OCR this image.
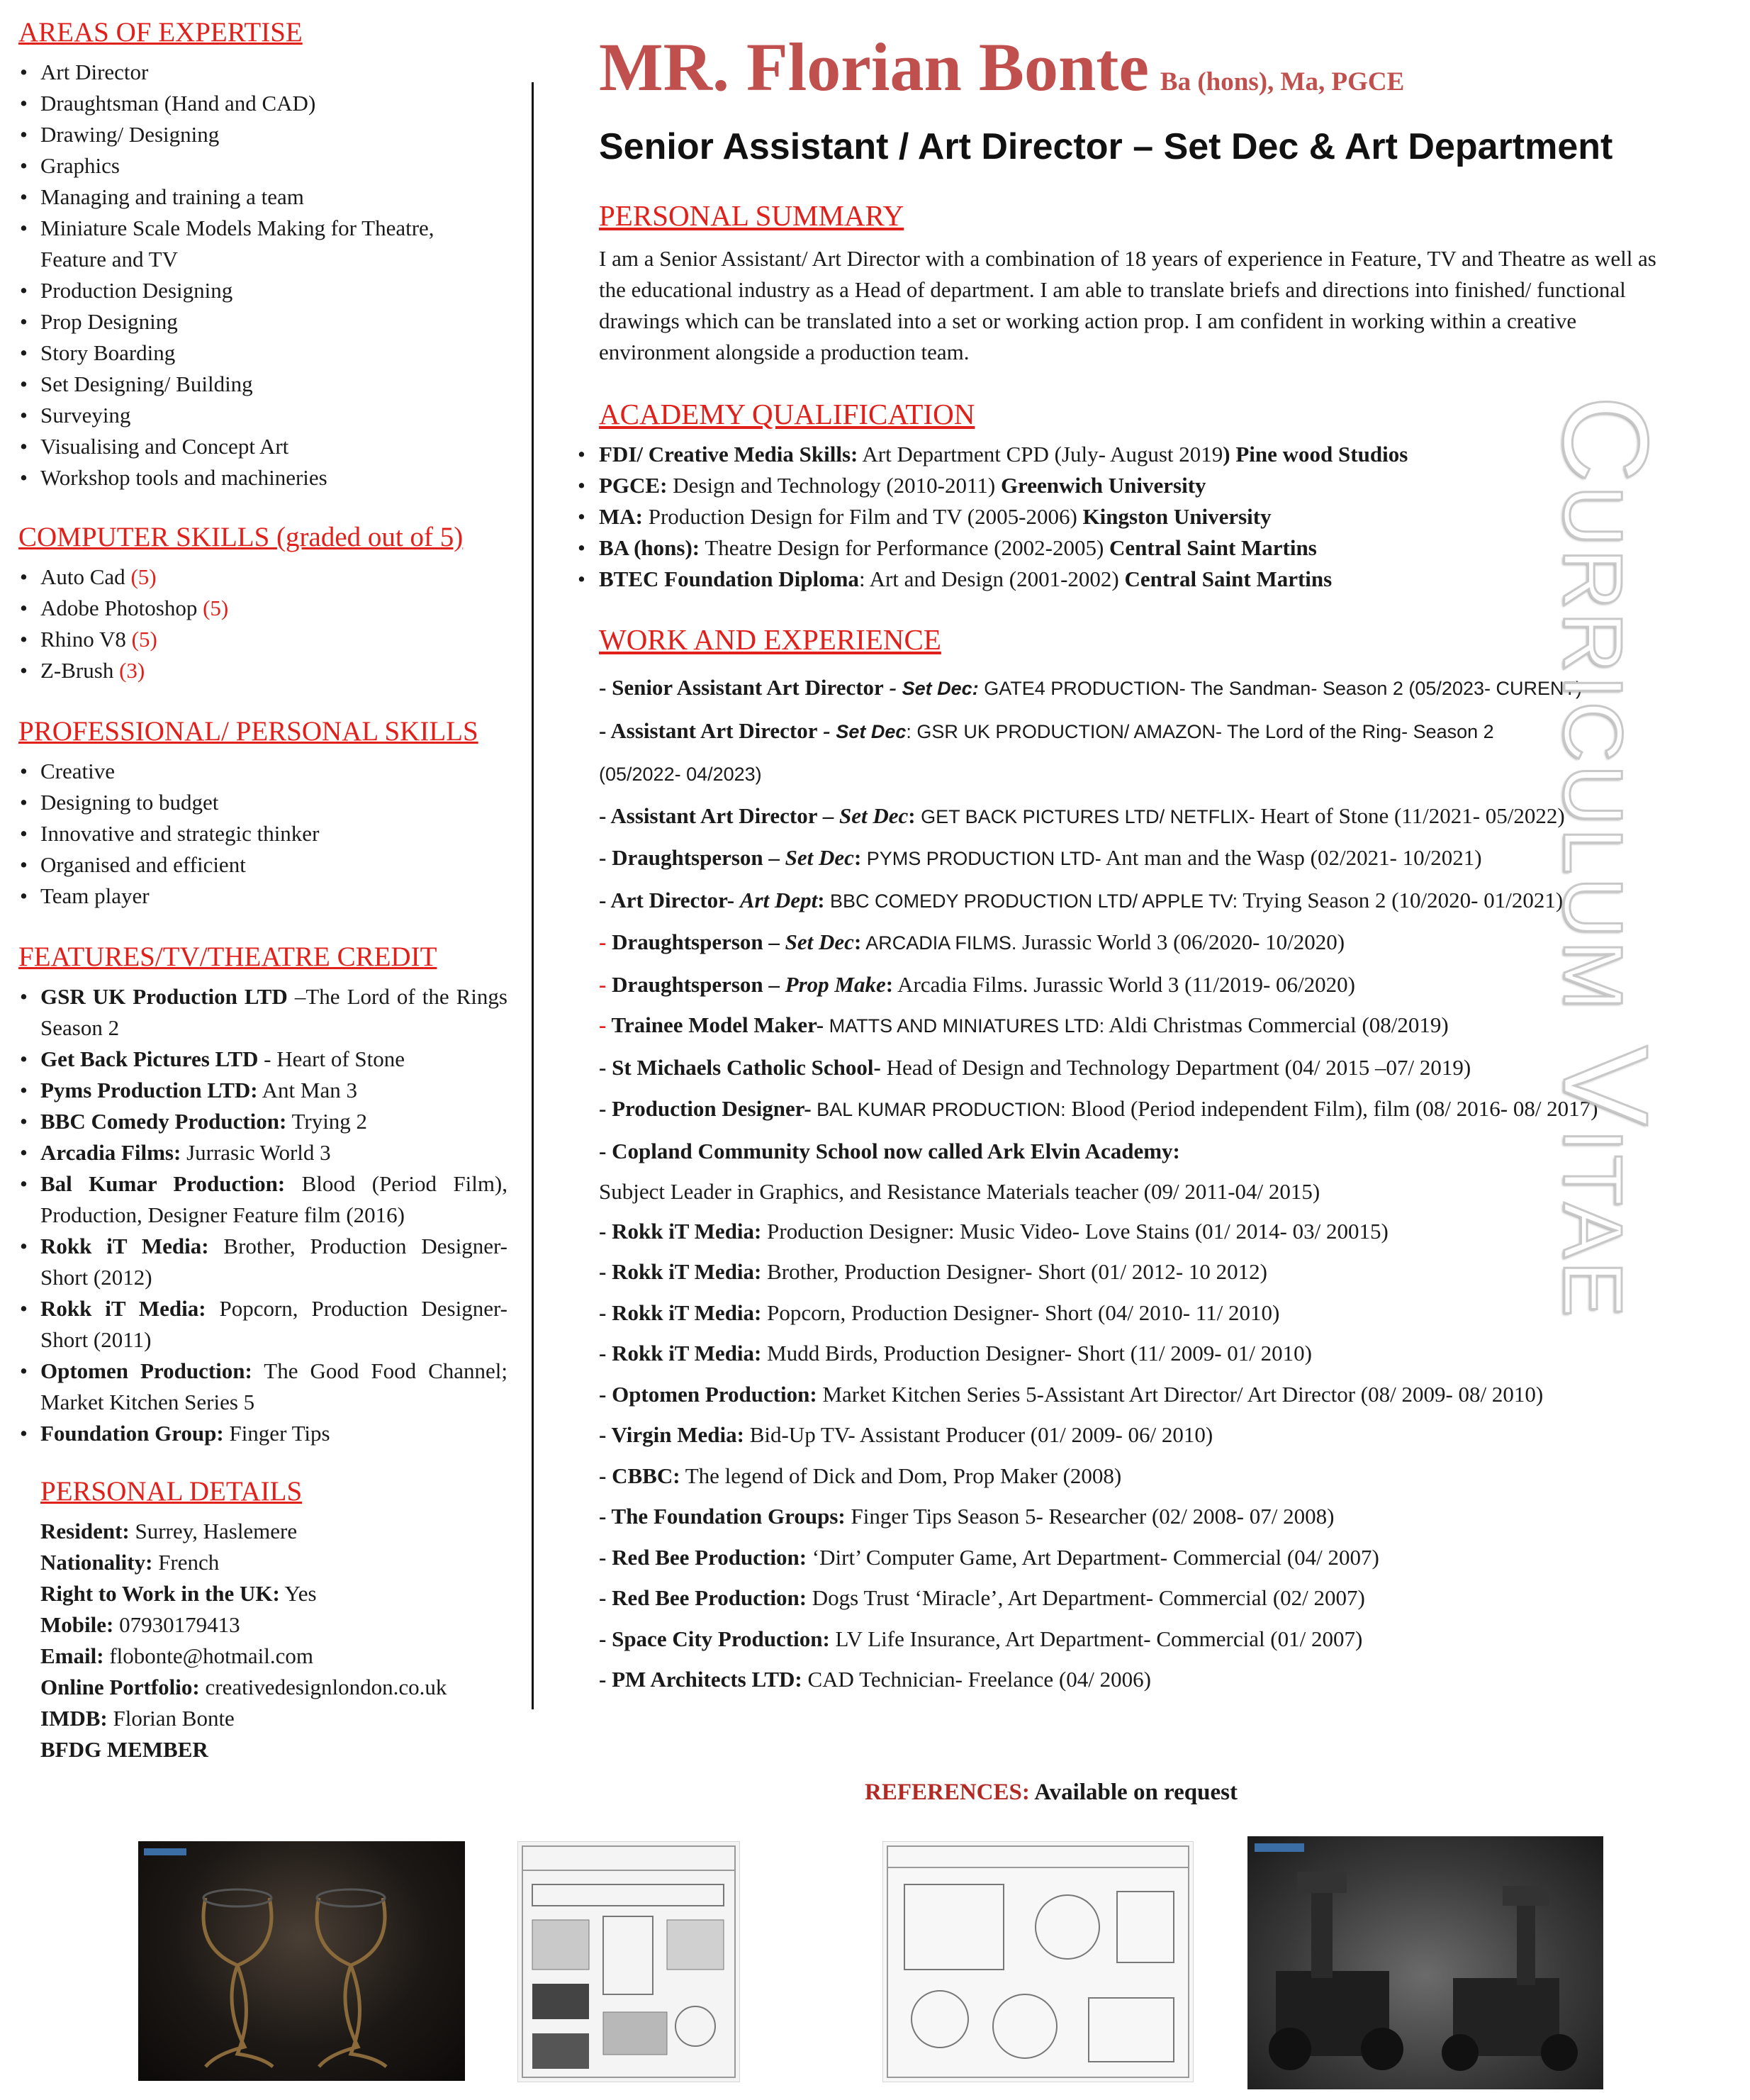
AREAS OF EXPERTISE
• Art Director
• Draughtsman (Hand and CAD)
• Drawing/ Designing
• Graphics
• Managing and training a team
• Miniature Scale Models Making for Theatre, Feature and TV
• Production Designing
• Prop Designing
• Story Boarding
• Set Designing/ Building
• Surveying
• Visualising and Concept Art
• Workshop tools and machineries
COMPUTER SKILLS (graded out of 5)
• Auto Cad (5)
• Adobe Photoshop (5)
• Rhino V8 (5)
• Z-Brush (3)
PROFESSIONAL/ PERSONAL SKILLS
• Creative
• Designing to budget
• Innovative and strategic thinker
• Organised and efficient
• Team player
FEATURES/TV/THEATRE CREDIT
• GSR UK Production LTD –The Lord of the Rings Season 2
• Get Back Pictures LTD - Heart of Stone
• Pyms Production LTD: Ant Man 3
• BBC Comedy Production: Trying 2
• Arcadia Films: Jurrasic World 3
• Bal Kumar Production: Blood (Period Film), Production, Designer Feature film (2016)
• Rokk iT Media: Brother, Production Designer- Short (2012)
• Rokk iT Media: Popcorn, Production Designer- Short (2011)
• Optomen Production: The Good Food Channel; Market Kitchen Series 5
• Foundation Group: Finger Tips
PERSONAL DETAILS
Resident: Surrey, Haslemere
Nationality: French
Right to Work in the UK: Yes
Mobile: 07930179413
Email: flobonte@hotmail.com
Online Portfolio: creativedesignlondon.co.uk
IMDB: Florian Bonte
BFDG MEMBER
MR. Florian Bonte Ba (hons), Ma, PGCE
Senior Assistant / Art Director – Set Dec & Art Department
PERSONAL SUMMARY
I am a Senior Assistant/ Art Director with a combination of 18 years of experience in Feature, TV and Theatre as well as the educational industry as a Head of department. I am able to translate briefs and directions into finished/ functional drawings which can be translated into a set or working action prop. I am confident in working within a creative environment alongside a production team.
ACADEMY QUALIFICATION
• FDI/ Creative Media Skills: Art Department CPD (July- August 2019) Pine wood Studios
• PGCE: Design and Technology (2010-2011) Greenwich University
• MA: Production Design for Film and TV (2005-2006) Kingston University
• BA (hons): Theatre Design for Performance (2002-2005) Central Saint Martins
• BTEC Foundation Diploma: Art and Design (2001-2002) Central Saint Martins
WORK AND EXPERIENCE
- Senior Assistant Art Director - Set Dec: GATE4 PRODUCTION- The Sandman- Season 2 (05/2023- CURENT)
- Assistant Art Director - Set Dec: GSR UK PRODUCTION/ AMAZON- The Lord of the Ring- Season 2
(05/2022- 04/2023)
- Assistant Art Director – Set Dec: GET BACK PICTURES LTD/ NETFLIX- Heart of Stone (11/2021- 05/2022)
- Draughtsperson – Set Dec: PYMS PRODUCTION LTD- Ant man and the Wasp (02/2021- 10/2021)
- Art Director- Art Dept: BBC COMEDY PRODUCTION LTD/ APPLE TV: Trying Season 2 (10/2020- 01/2021)
- Draughtsperson – Set Dec: ARCADIA FILMS. Jurassic World 3 (06/2020- 10/2020)
- Draughtsperson – Prop Make: Arcadia Films. Jurassic World 3 (11/2019- 06/2020)
- Trainee Model Maker- MATTS AND MINIATURES LTD: Aldi Christmas Commercial (08/2019)
- St Michaels Catholic School- Head of Design and Technology Department (04/ 2015 –07/ 2019)
- Production Designer- BAL KUMAR PRODUCTION: Blood (Period independent Film), film (08/ 2016- 08/ 2017)
- Copland Community School now called Ark Elvin Academy:
Subject Leader in Graphics, and Resistance Materials teacher (09/ 2011-04/ 2015)
- Rokk iT Media: Production Designer: Music Video- Love Stains (01/ 2014- 03/ 20015)
- Rokk iT Media: Brother, Production Designer- Short (01/ 2012- 10 2012)
- Rokk iT Media: Popcorn, Production Designer- Short (04/ 2010- 11/ 2010)
- Rokk iT Media: Mudd Birds, Production Designer- Short (11/ 2009- 01/ 2010)
- Optomen Production: Market Kitchen Series 5-Assistant Art Director/ Art Director (08/ 2009- 08/ 2010)
- Virgin Media: Bid-Up TV- Assistant Producer (01/ 2009- 06/ 2010)
- CBBC: The legend of Dick and Dom, Prop Maker (2008)
- The Foundation Groups: Finger Tips Season 5- Researcher (02/ 2008- 07/ 2008)
- Red Bee Production: ‘Dirt’ Computer Game, Art Department- Commercial (04/ 2007)
- Red Bee Production: Dogs Trust ‘Miracle’, Art Department- Commercial (02/ 2007)
- Space City Production: LV Life Insurance, Art Department- Commercial (01/ 2007)
- PM Architects LTD: CAD Technician- Freelance (04/ 2006)
CURRICULUM VITAE
REFERENCES: Available on request
